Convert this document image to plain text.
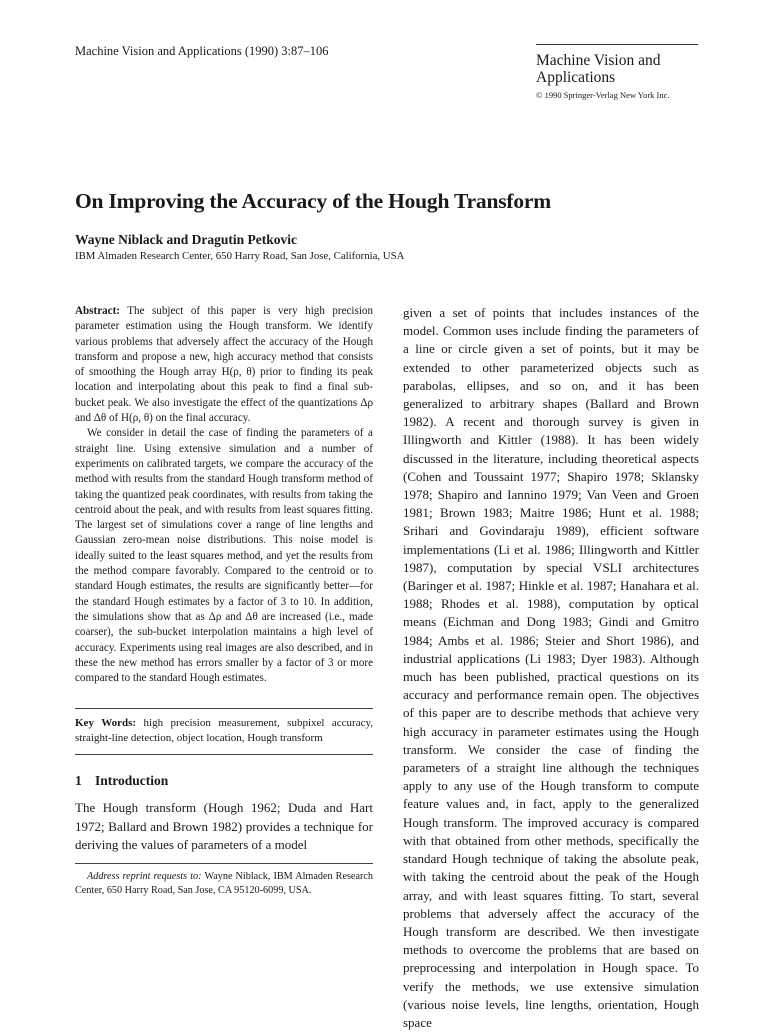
Machine Vision and Applications (1990) 3:87–106
Machine Vision and
Applications
© 1990 Springer-Verlag New York Inc.
On Improving the Accuracy of the Hough Transform
Wayne Niblack and Dragutin Petkovic
IBM Almaden Research Center, 650 Harry Road, San Jose, California, USA

Abstract: The subject of this paper is very high precision parameter estimation using the Hough transform. We identify various problems that adversely affect the accuracy of the Hough transform and propose a new, high accuracy method that consists of smoothing the Hough array H(ρ, θ) prior to finding its peak location and interpolating about this peak to find a final sub-bucket peak. We also investigate the effect of the quantizations Δρ and Δθ of H(ρ, θ) on the final accuracy.

We consider in detail the case of finding the parameters of a straight line. Using extensive simulation and a number of experiments on calibrated targets, we compare the accuracy of the method with results from the standard Hough transform method of taking the quantized peak coordinates, with results from taking the centroid about the peak, and with results from least squares fitting. The largest set of simulations cover a range of line lengths and Gaussian zero-mean noise distributions. This noise model is ideally suited to the least squares method, and yet the results from the method compare favorably. Compared to the centroid or to standard Hough estimates, the results are significantly better—for the standard Hough estimates by a factor of 3 to 10. In addition, the simulations show that as Δρ and Δθ are increased (i.e., made coarser), the sub-bucket interpolation maintains a high level of accuracy. Experiments using real images are also described, and in these the new method has errors smaller by a factor of 3 or more compared to the standard Hough estimates.

Key Words: high precision measurement, subpixel accuracy, straight-line detection, object location, Hough transform
1 Introduction

The Hough transform (Hough 1962; Duda and Hart 1972; Ballard and Brown 1982) provides a technique for deriving the values of parameters of a model

Address reprint requests to: Wayne Niblack, IBM Almaden Research Center, 650 Harry Road, San Jose, CA 95120-6099, USA.

given a set of points that includes instances of the model. Common uses include finding the parameters of a line or circle given a set of points, but it may be extended to other parameterized objects such as parabolas, ellipses, and so on, and it has been generalized to arbitrary shapes (Ballard and Brown 1982). A recent and thorough survey is given in Illingworth and Kittler (1988). It has been widely discussed in the literature, including theoretical aspects (Cohen and Toussaint 1977; Shapiro 1978; Sklansky 1978; Shapiro and Iannino 1979; Van Veen and Groen 1981; Brown 1983; Maitre 1986; Hunt et al. 1988; Srihari and Govindaraju 1989), efficient software implementations (Li et al. 1986; Illingworth and Kittler 1987), computation by special VSLI architectures (Baringer et al. 1987; Hinkle et al. 1987; Hanahara et al. 1988; Rhodes et al. 1988), computation by optical means (Eichman and Dong 1983; Gindi and Gmitro 1984; Ambs et al. 1986; Steier and Short 1986), and industrial applications (Li 1983; Dyer 1983). Although much has been published, practical questions on its accuracy and performance remain open. The objectives of this paper are to describe methods that achieve very high accuracy in parameter estimates using the Hough transform. We consider the case of finding the parameters of a straight line although the techniques apply to any use of the Hough transform to compute feature values and, in fact, apply to the generalized Hough transform. The improved accuracy is compared with that obtained from other methods, specifically the standard Hough technique of taking the absolute peak, with taking the centroid about the peak of the Hough array, and with least squares fitting. To start, several problems that adversely affect the accuracy of the Hough transform are described. We then investigate methods to overcome the problems that are based on preprocessing and interpolation in Hough space. To verify the methods, we use extensive simulation (various noise levels, line lengths, orientation, Hough space
